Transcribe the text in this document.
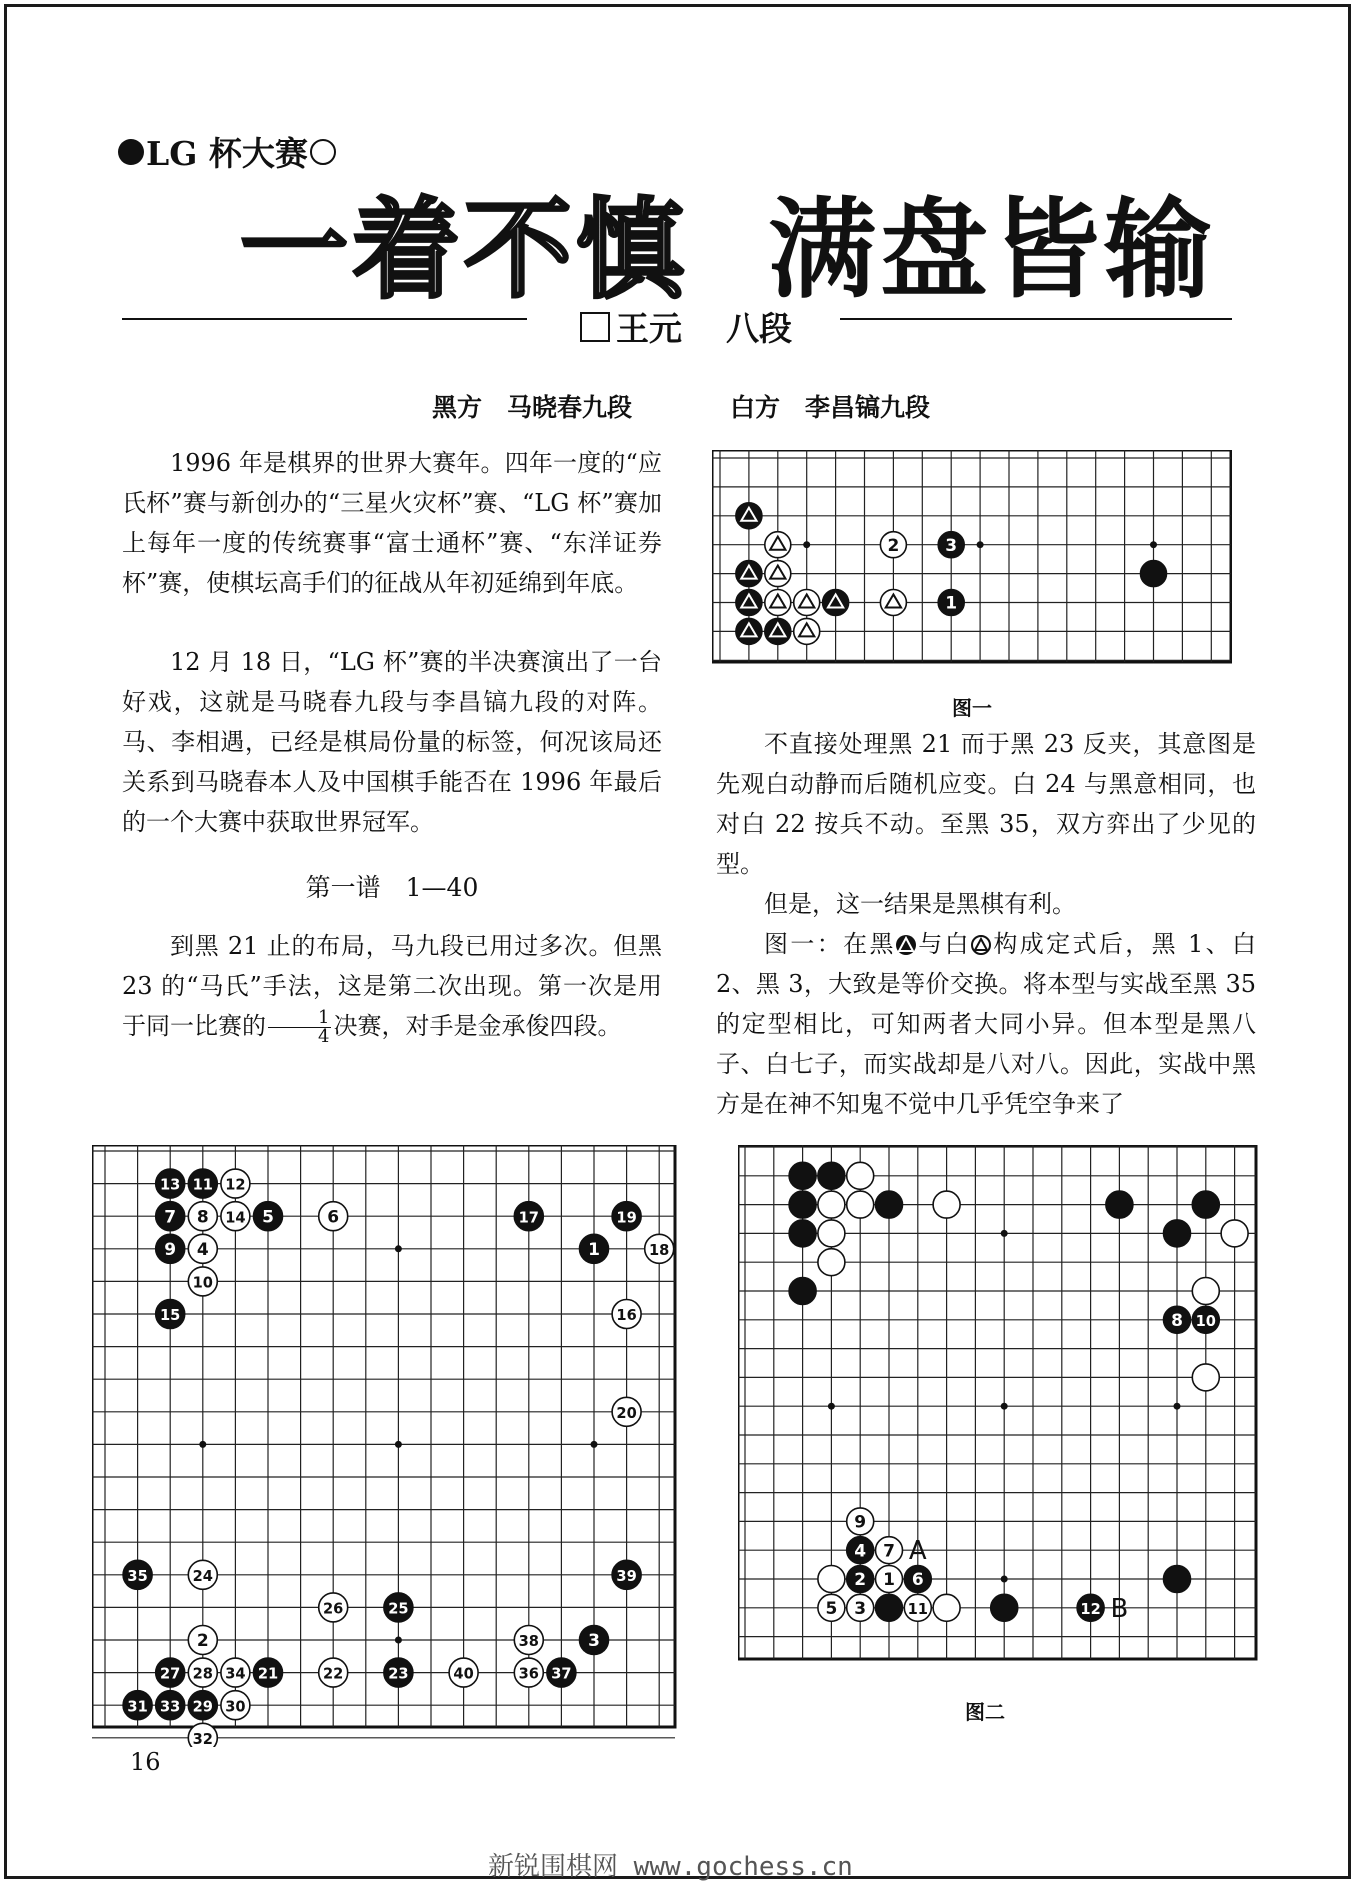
LG 杯大赛
一着不慎 满盘皆输
王元 八段
黑方　马晓春九段	白方　李昌镐九段
1996 年是棋界的世界大赛年。四年一度的“应氏杯”赛与新创办的“三星火灾杯”赛、“LG 杯”赛加上每年一度的传统赛事“富士通杯”赛、“东洋证券杯”赛，使棋坛高手们的征战从年初延绵到年底。
12 月 18 日，“LG 杯”赛的半决赛演出了一台好戏，这就是马晓春九段与李昌镐九段的对阵。马、李相遇，已经是棋局份量的标签，何况该局还关系到马晓春本人及中国棋手能否在 1996 年最后的一个大赛中获取世界冠军。
第一谱　1—40
到黑 21 止的布局，马九段已用过多次。但黑 23 的“马氏”手法，这是第二次出现。第一次是用于同一比赛的 $\frac{1}{4}$ 决赛，对手是金承俊四段。
2	3
1
图一
不直接处理黑 21 而于黑 23 反夹，其意图是先观白动静而后随机应变。白 24 与黑意相同，也对白 22 按兵不动。至黑 35，双方弈出了少见的型。
但是，这一结果是黑棋有利。
图一：在黑 与白 构成定式后，黑 1、白 2、黑 3，大致是等价交换。将本型与实战至黑 35 的定型相比，可知两者大同小异。但本型是黑八子、白七子，而实战却是八对八。因此，实战中黑方是在神不知鬼不觉中几乎凭空争来了
13 11 12
7 8 14 5	6	17	19
9 4	1	18
10
15	16
20
35	24	39
26	25
2	38	3
27 28 34 21	22	23	40	36 37
31 33 29 30
32
8 10
9
4 7
2 1 6
5 3	11	12
A
B
图二
16
新锐围棋网 www.gochess.cn
